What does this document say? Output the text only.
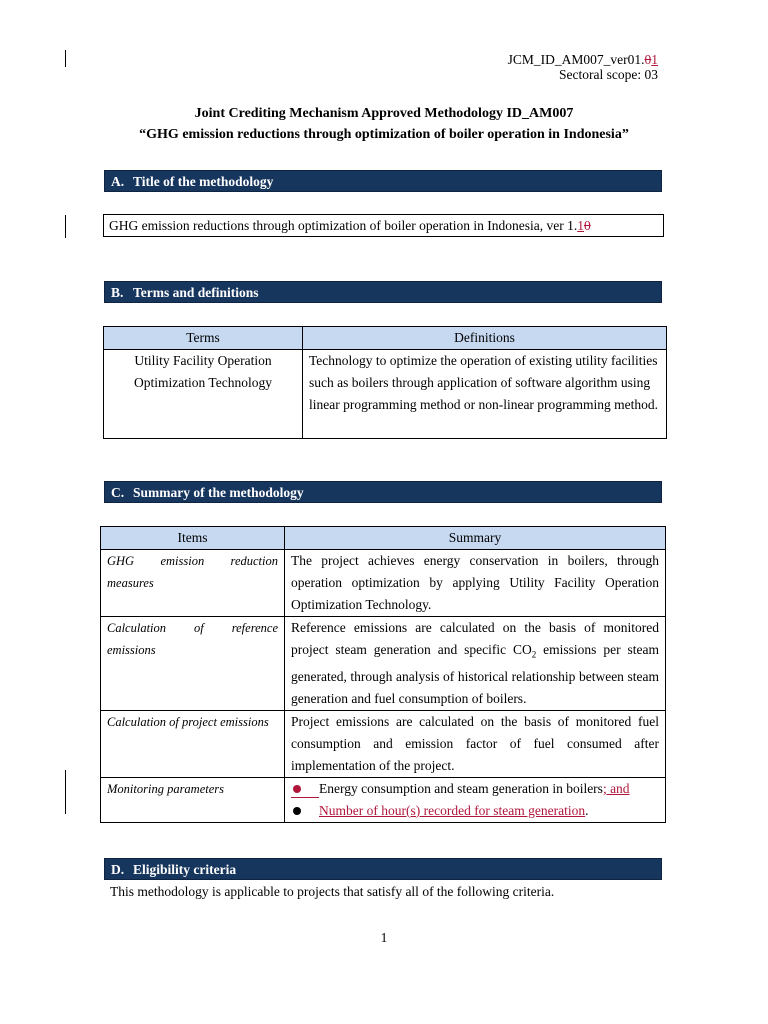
JCM_ID_AM007_ver01.01
Sectoral scope: 03
Joint Crediting Mechanism Approved Methodology ID_AM007
“GHG emission reductions through optimization of boiler operation in Indonesia”
A. Title of the methodology
GHG emission reductions through optimization of boiler operation in Indonesia, ver 1.10
B. Terms and definitions
Terms	Definitions

Utility Facility Operation
Optimization Technology	Technology to optimize the operation of existing utility facilities such as boilers through application of software algorithm using linear programming method or non-linear programming method.
C. Summary of the methodology
Items	Summary
GHG emission reduction measures	The project achieves energy conservation in boilers, through operation optimization by applying Utility Facility Operation Optimization Technology.
Calculation of reference emissions	Reference emissions are calculated on the basis of monitored project steam generation and specific $CO_2$ emissions per steam generated, through analysis of historical relationship between steam generation and fuel consumption of boilers.
Calculation of project emissions	Project emissions are calculated on the basis of monitored fuel consumption and emission factor of fuel consumed after implementation of the project.
Monitoring parameters	Energy consumption and steam generation in boilers; and
Number of hour(s) recorded for steam generation.
D. Eligibility criteria
This methodology is applicable to projects that satisfy all of the following criteria.
1
